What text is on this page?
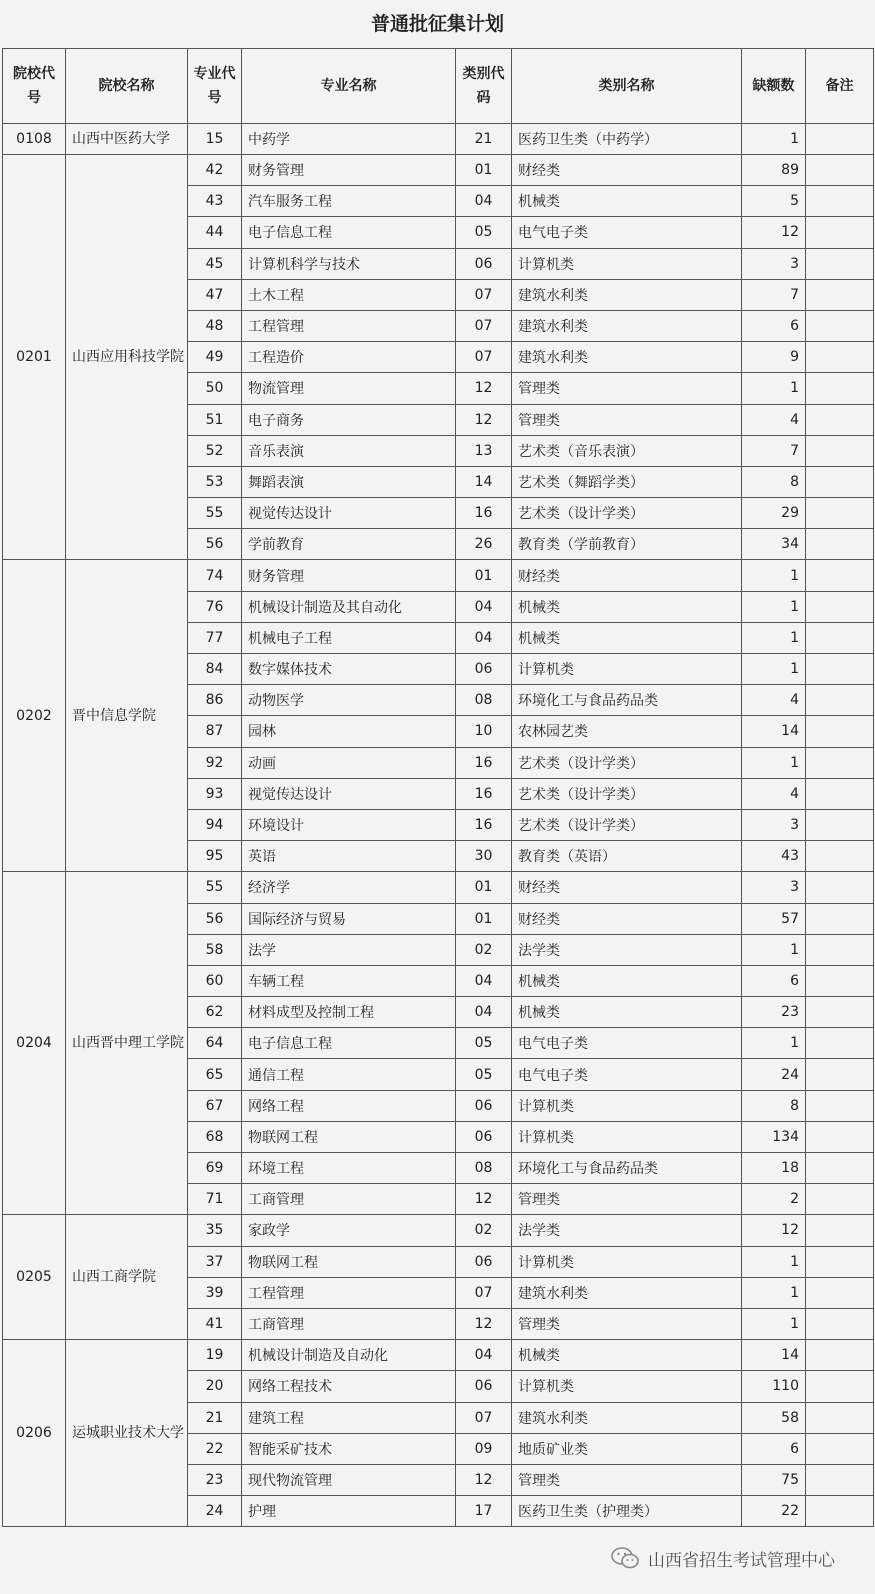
普通批征集计划
院校代号	院校名称	专业代号	专业名称	类别代码	类别名称	缺额数	备注
0108	山西中医药大学	15	中药学	21	医药卫生类（中药学）	1	
0201	山西应用科技学院	42	财务管理	01	财经类	89	
		43	汽车服务工程	04	机械类	5	
		44	电子信息工程	05	电气电子类	12	
		45	计算机科学与技术	06	计算机类	3	
		47	土木工程	07	建筑水利类	7	
		48	工程管理	07	建筑水利类	6	
		49	工程造价	07	建筑水利类	9	
		50	物流管理	12	管理类	1	
		51	电子商务	12	管理类	4	
		52	音乐表演	13	艺术类（音乐表演）	7	
		53	舞蹈表演	14	艺术类（舞蹈学类）	8	
		55	视觉传达设计	16	艺术类（设计学类）	29	
		56	学前教育	26	教育类（学前教育）	34	
0202	晋中信息学院	74	财务管理	01	财经类	1	
		76	机械设计制造及其自动化	04	机械类	1	
		77	机械电子工程	04	机械类	1	
		84	数字媒体技术	06	计算机类	1	
		86	动物医学	08	环境化工与食品药品类	4	
		87	园林	10	农林园艺类	14	
		92	动画	16	艺术类（设计学类）	1	
		93	视觉传达设计	16	艺术类（设计学类）	4	
		94	环境设计	16	艺术类（设计学类）	3	
		95	英语	30	教育类（英语）	43	
0204	山西晋中理工学院	55	经济学	01	财经类	3	
		56	国际经济与贸易	01	财经类	57	
		58	法学	02	法学类	1	
		60	车辆工程	04	机械类	6	
		62	材料成型及控制工程	04	机械类	23	
		64	电子信息工程	05	电气电子类	1	
		65	通信工程	05	电气电子类	24	
		67	网络工程	06	计算机类	8	
		68	物联网工程	06	计算机类	134	
		69	环境工程	08	环境化工与食品药品类	18	
		71	工商管理	12	管理类	2	
0205	山西工商学院	35	家政学	02	法学类	12	
		37	物联网工程	06	计算机类	1	
		39	工程管理	07	建筑水利类	1	
		41	工商管理	12	管理类	1	
0206	运城职业技术大学	19	机械设计制造及自动化	04	机械类	14	
		20	网络工程技术	06	计算机类	110	
		21	建筑工程	07	建筑水利类	58	
		22	智能采矿技术	09	地质矿业类	6	
		23	现代物流管理	12	管理类	75	
		24	护理	17	医药卫生类（护理类）	22	
山西省招生考试管理中心
